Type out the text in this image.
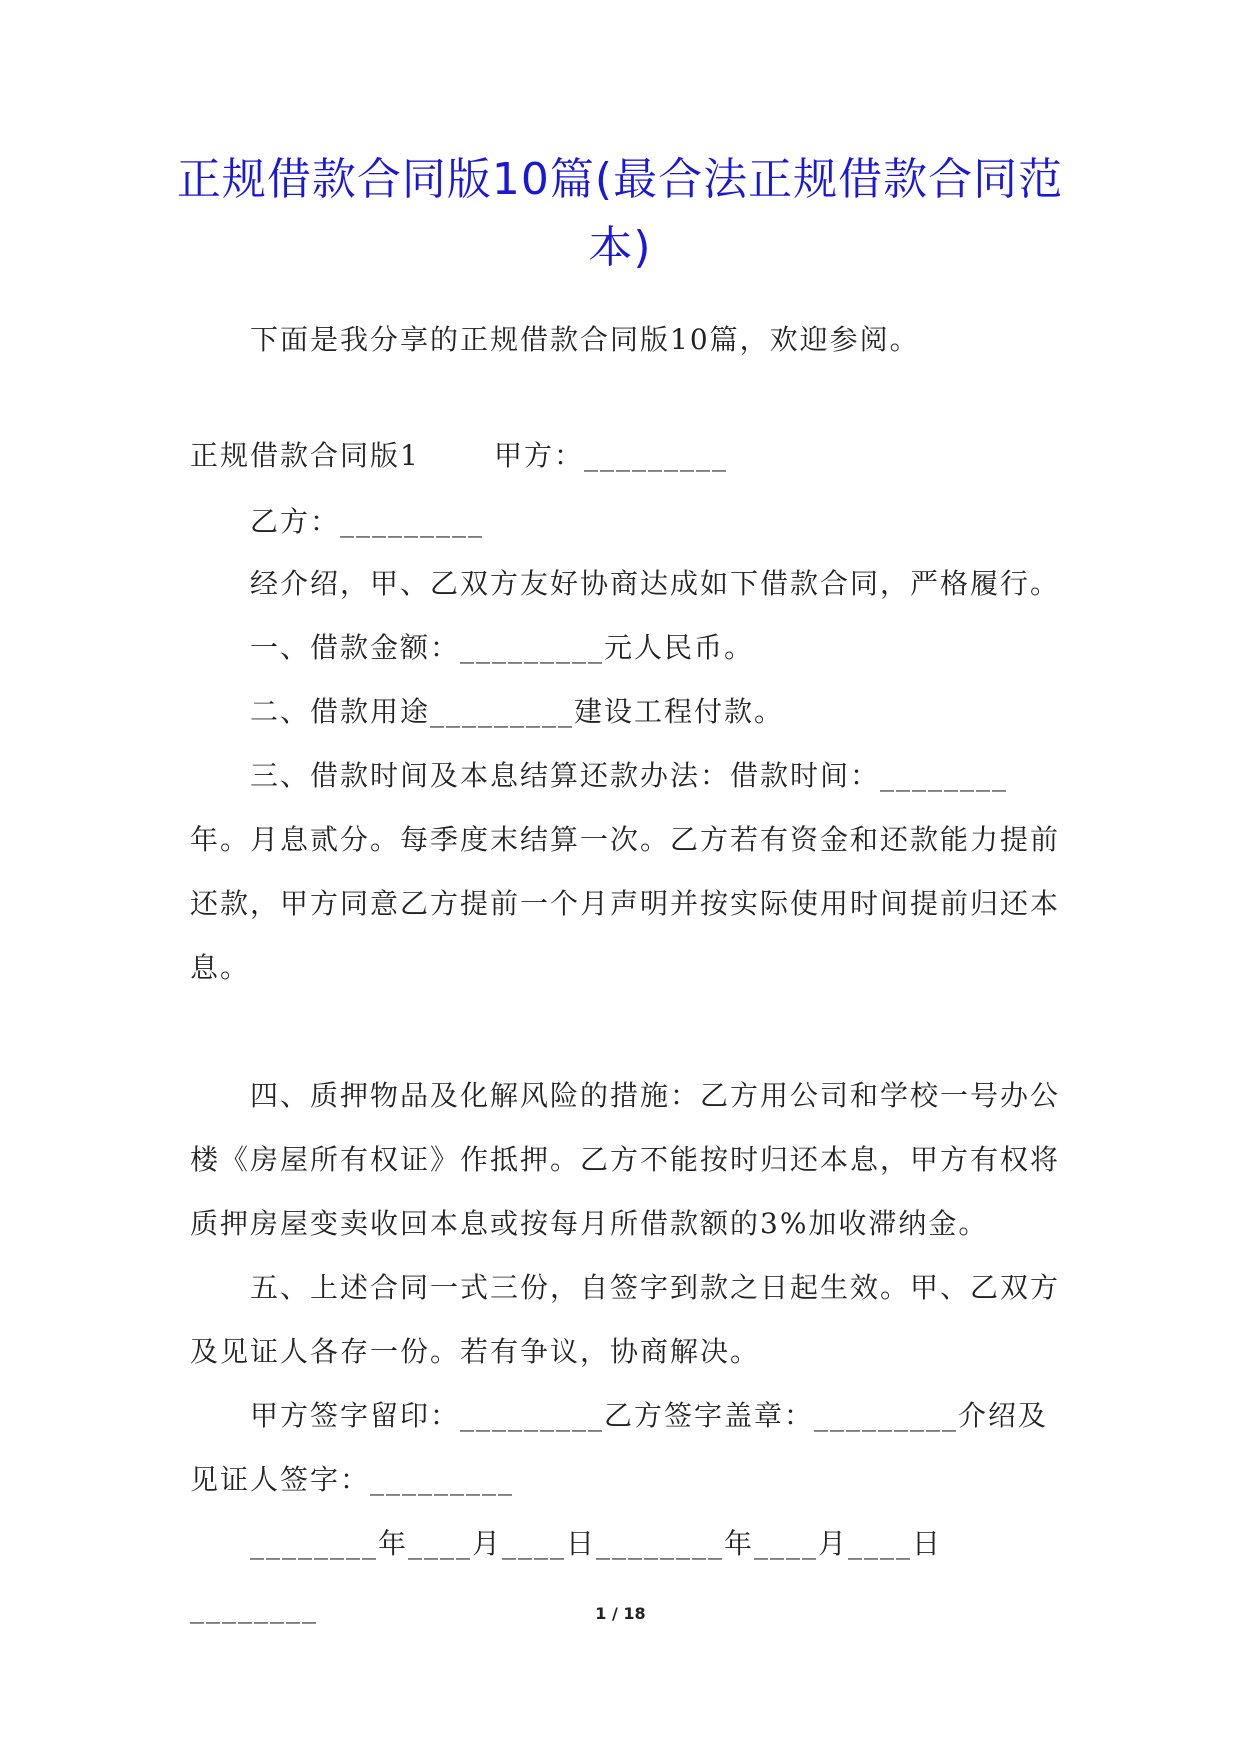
正规借款合同版10篇(最合法正规借款合同范本)

下面是我分享的正规借款合同版10篇，欢迎参阅。

正规借款合同版1	甲方：_________

乙方：_________

经介绍，甲、乙双方友好协商达成如下借款合同，严格履行。

一、借款金额：_________元人民币。

二、借款用途_________建设工程付款。

三、借款时间及本息结算还款办法：借款时间：________年。月息贰分。每季度末结算一次。乙方若有资金和还款能力提前还款，甲方同意乙方提前一个月声明并按实际使用时间提前归还本息。

四、质押物品及化解风险的措施：乙方用公司和学校一号办公楼《房屋所有权证》作抵押。乙方不能按时归还本息，甲方有权将质押房屋变卖收回本息或按每月所借款额的3%加收滞纳金。

五、上述合同一式三份，自签字到款之日起生效。甲、乙双方及见证人各存一份。若有争议，协商解决。

甲方签字留印：_________乙方签字盖章：_________介绍及见证人签字：_________

________年____月____日________年____月____日________	1 / 18
